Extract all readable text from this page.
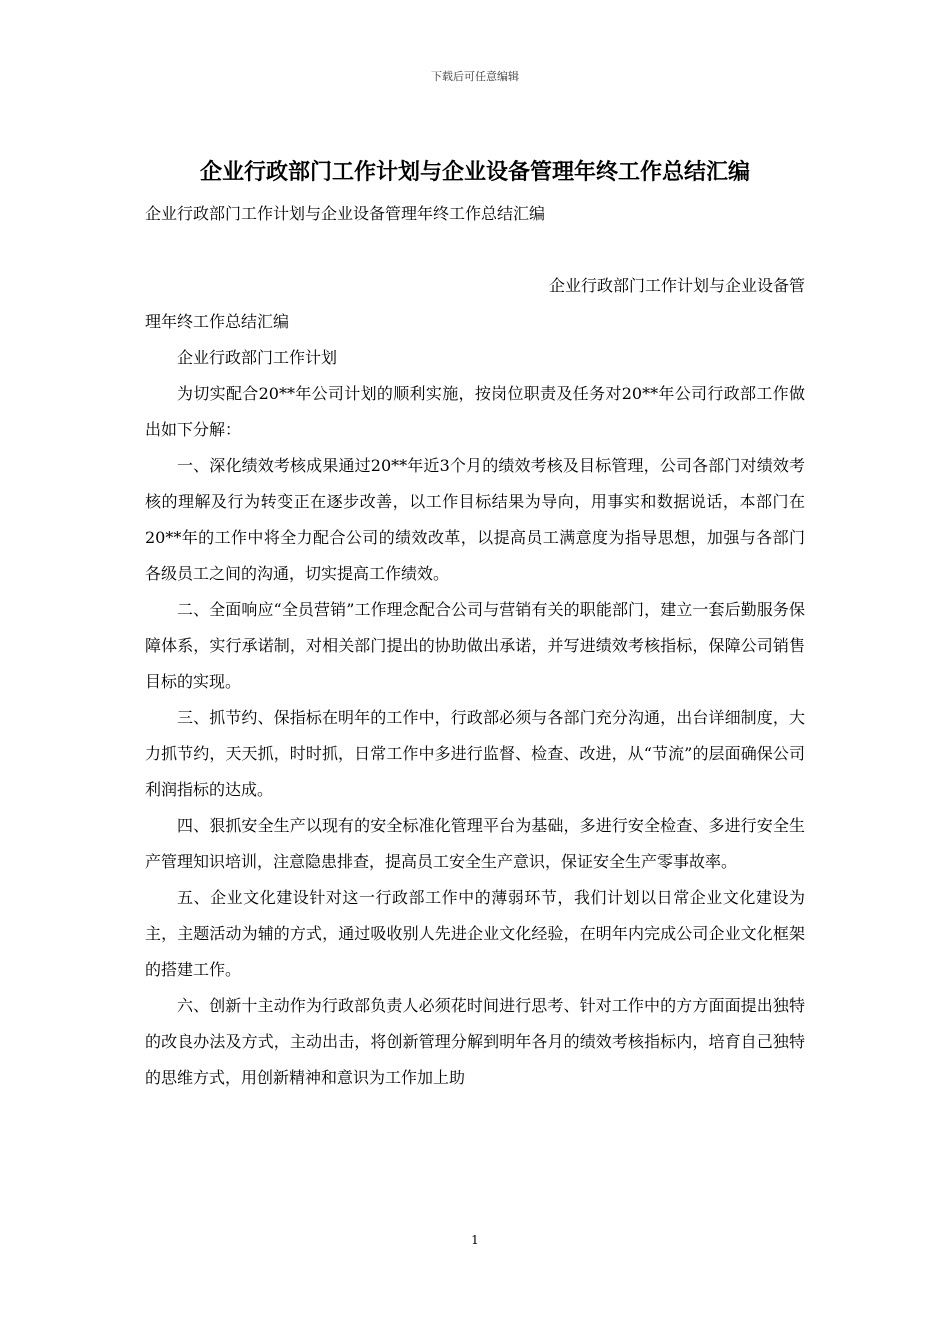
下载后可任意编辑
企业行政部门工作计划与企业设备管理年终工作总结汇编

企业行政部门工作计划与企业设备管理年终工作总结汇编

企业行政部门工作计划与企业设备管

理年终工作总结汇编

企业行政部门工作计划

为切实配合20**年公司计划的顺利实施，按岗位职责及任务对20**年公司行政部工作做出如下分解：

一、深化绩效考核成果通过20**年近3个月的绩效考核及目标管理，公司各部门对绩效考核的理解及行为转变正在逐步改善，以工作目标结果为导向，用事实和数据说话，本部门在20**年的工作中将全力配合公司的绩效改革，以提高员工满意度为指导思想，加强与各部门各级员工之间的沟通，切实提高工作绩效。

二、全面响应“全员营销”工作理念配合公司与营销有关的职能部门，建立一套后勤服务保障体系，实行承诺制，对相关部门提出的协助做出承诺，并写进绩效考核指标，保障公司销售目标的实现。

三、抓节约、保指标在明年的工作中，行政部必须与各部门充分沟通，出台详细制度，大力抓节约，天天抓，时时抓，日常工作中多进行监督、检查、改进，从“节流”的层面确保公司利润指标的达成。

四、狠抓安全生产以现有的安全标准化管理平台为基础，多进行安全检查、多进行安全生产管理知识培训，注意隐患排查，提高员工安全生产意识，保证安全生产零事故率。

五、企业文化建设针对这一行政部工作中的薄弱环节，我们计划以日常企业文化建设为主，主题活动为辅的方式，通过吸收别人先进企业文化经验，在明年内完成公司企业文化框架的搭建工作。

六、创新十主动作为行政部负责人必须花时间进行思考、针对工作中的方方面面提出独特的改良办法及方式，主动出击，将创新管理分解到明年各月的绩效考核指标内，培育自己独特的思维方式，用创新精神和意识为工作加上助

1
